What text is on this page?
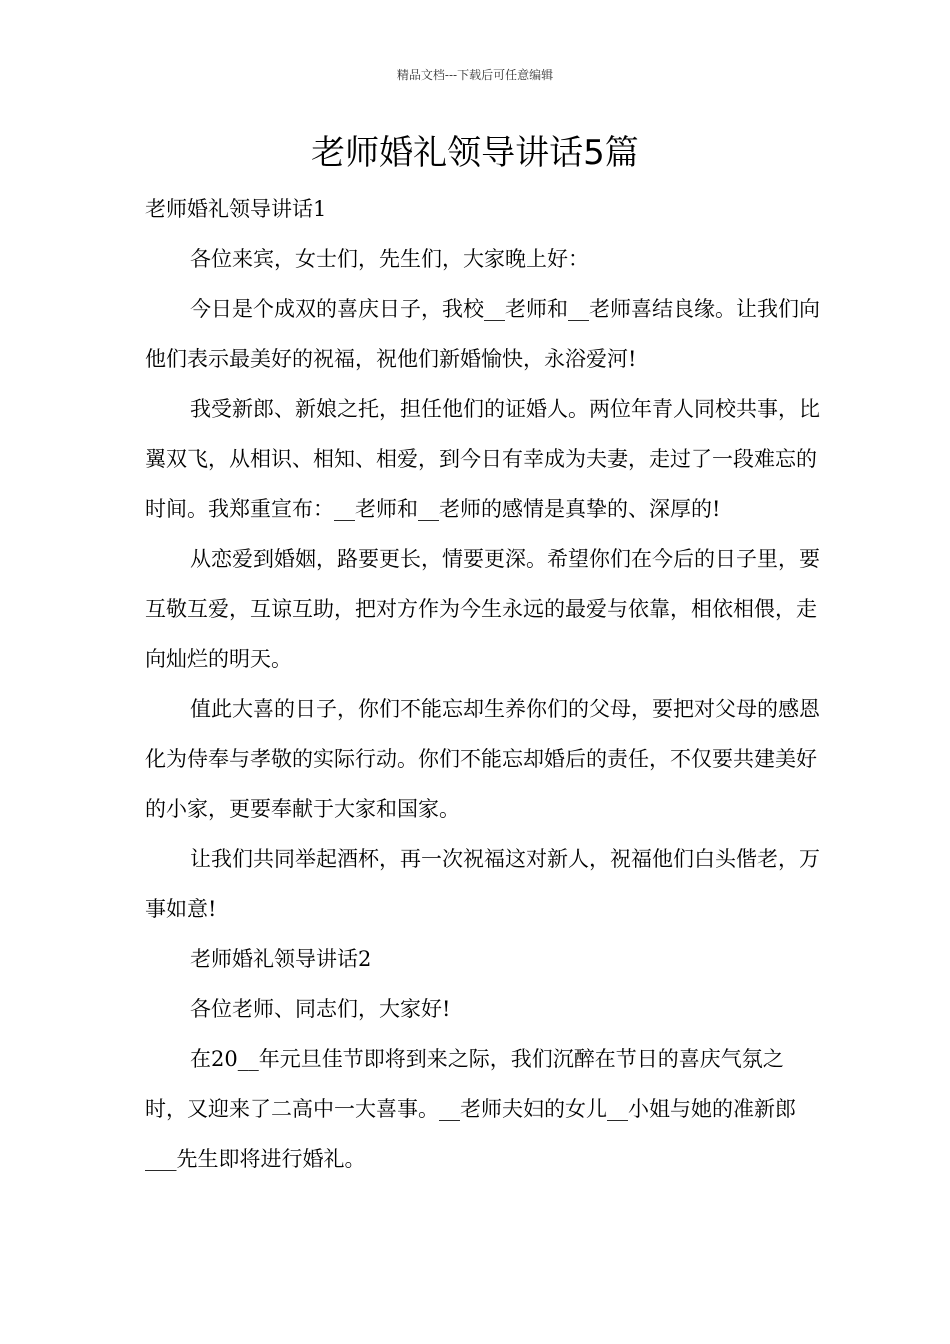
精品文档---下载后可任意编辑
老师婚礼领导讲话5篇

老师婚礼领导讲话1

各位来宾，女士们，先生们，大家晚上好：

今日是个成双的喜庆日子，我校__老师和__老师喜结良缘。让我们向他们表示最美好的祝福，祝他们新婚愉快，永浴爱河!

我受新郎、新娘之托，担任他们的证婚人。两位年青人同校共事，比翼双飞，从相识、相知、相爱，到今日有幸成为夫妻，走过了一段难忘的时间。我郑重宣布：__老师和__老师的感情是真挚的、深厚的!

从恋爱到婚姻，路要更长，情要更深。希望你们在今后的日子里，要互敬互爱，互谅互助，把对方作为今生永远的最爱与依靠，相依相偎，走向灿烂的明天。

值此大喜的日子，你们不能忘却生养你们的父母，要把对父母的感恩化为侍奉与孝敬的实际行动。你们不能忘却婚后的责任，不仅要共建美好的小家，更要奉献于大家和国家。

让我们共同举起酒杯，再一次祝福这对新人，祝福他们白头偕老，万事如意!

老师婚礼领导讲话2

各位老师、同志们，大家好!

在20__年元旦佳节即将到来之际，我们沉醉在节日的喜庆气氛之时，又迎来了二高中一大喜事。__老师夫妇的女儿__小姐与她的准新郎___先生即将进行婚礼。
